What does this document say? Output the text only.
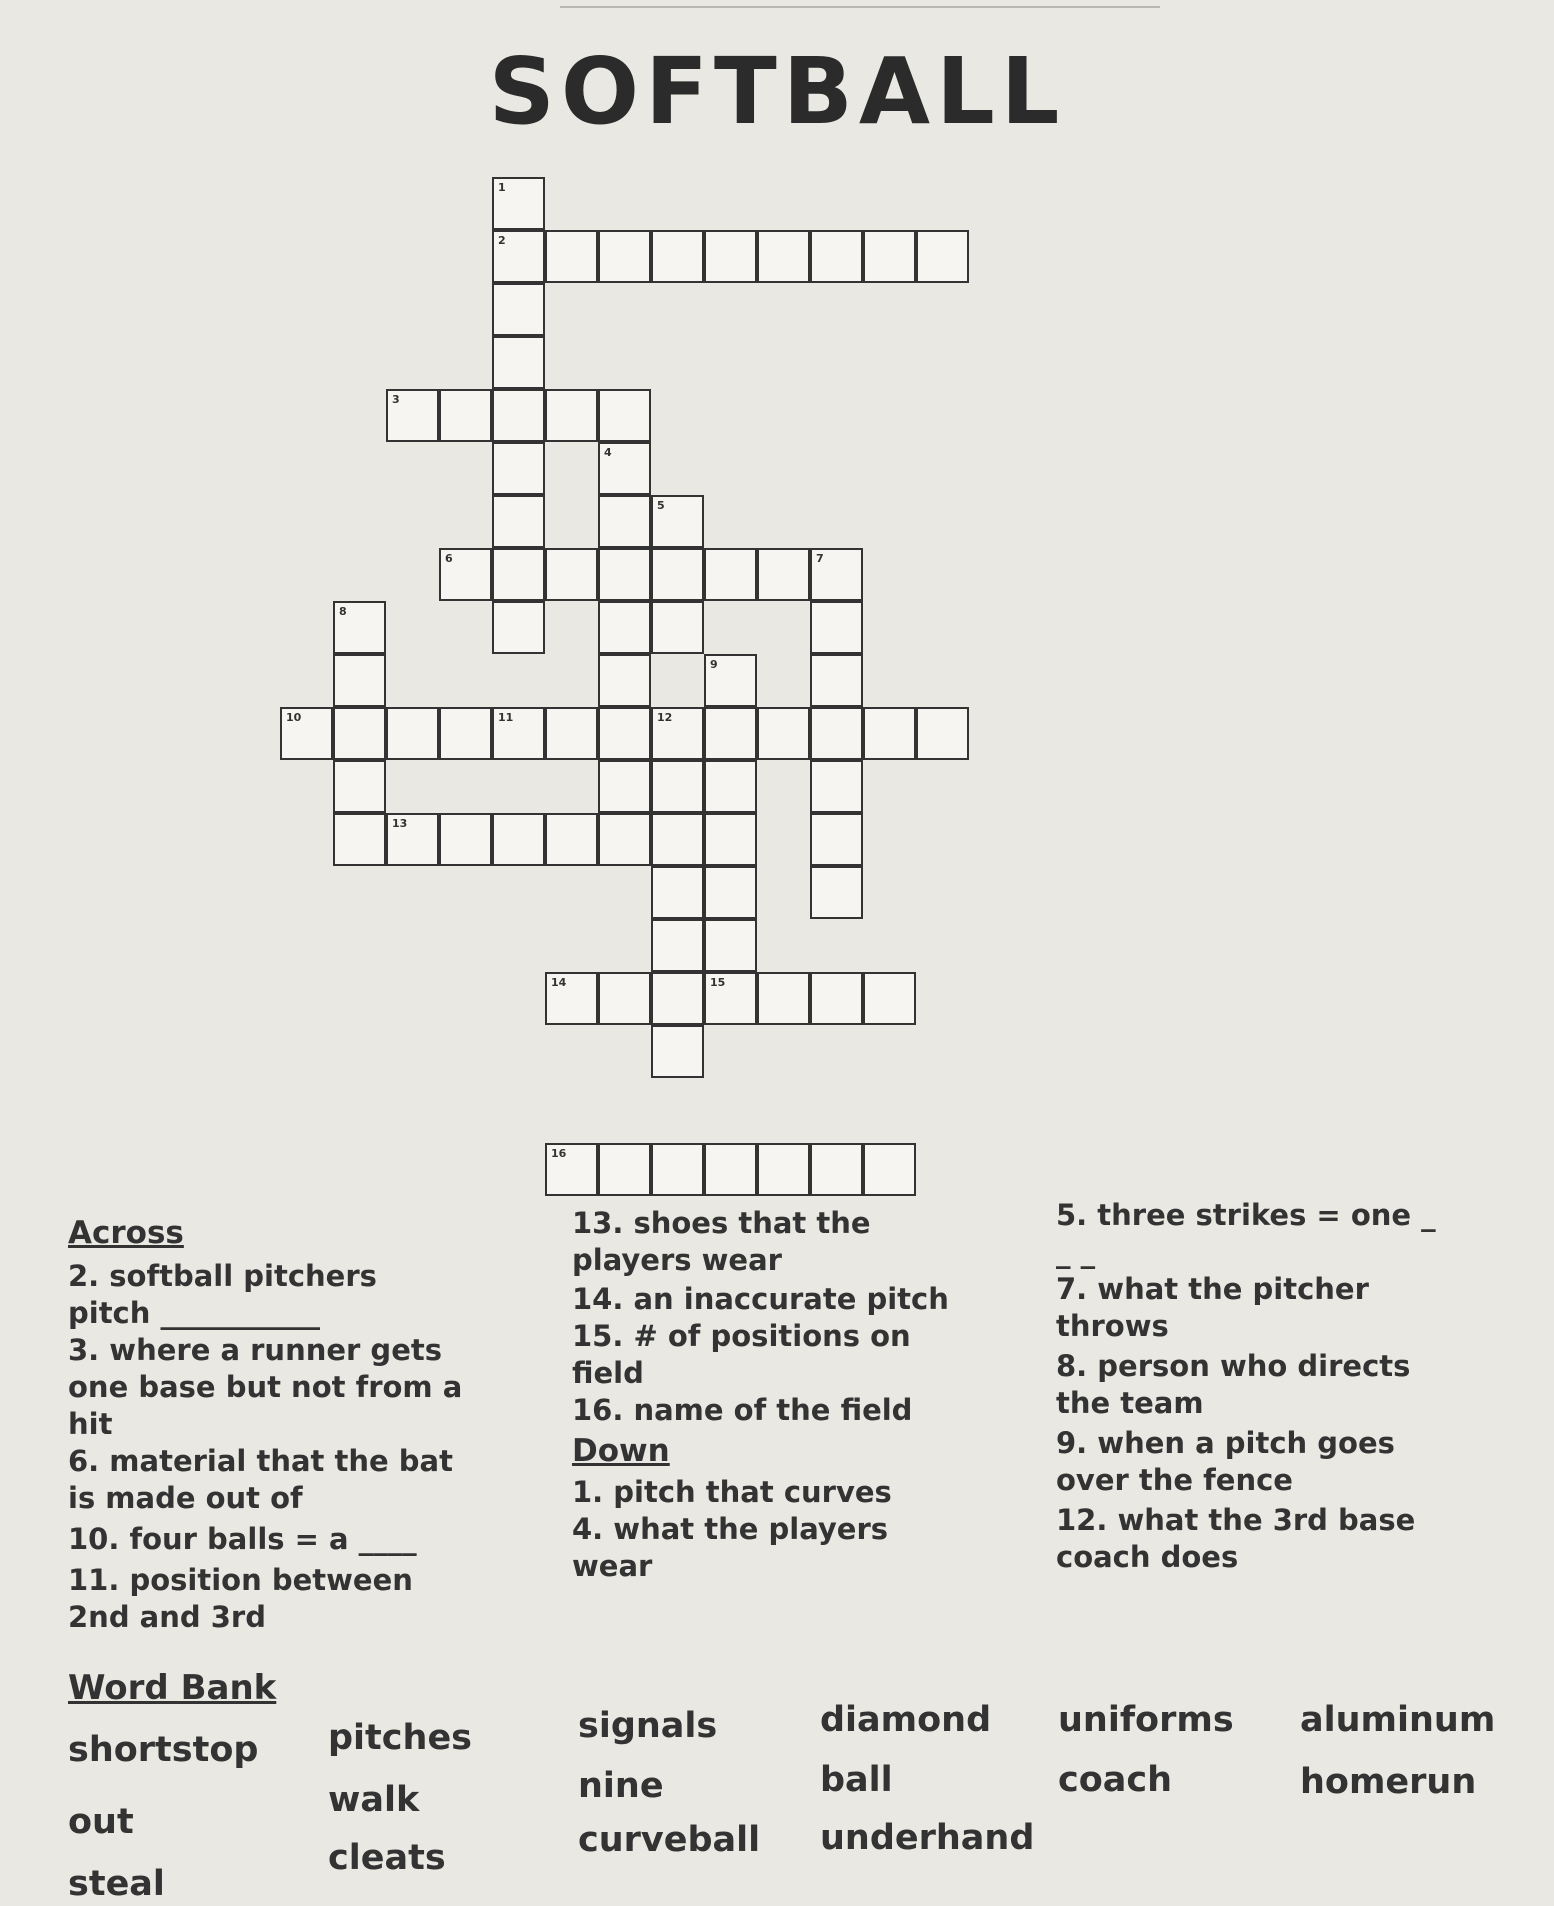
SOFTBALL
1
2
3
4
5
6	7
8
9
15
10	11	12
13
14
16
Across
2. softball pitchers
pitch ___________
3. where a runner gets
one base but not from a
hit
6. material that the bat
is made out of
10. four balls = a ____
11. position between
2nd and 3rd
13. shoes that the
players wear
14. an inaccurate pitch
15. # of positions on
field
16. name of the field
Down
1. pitch that curves
4. what the players
wear
5. three strikes = one _
_ _
7. what the pitcher
throws
8. person who directs
the team
9. when a pitch goes
over the fence
12. what the 3rd base
coach does
Word Bank
shortstop pitches	signals	diamond uniforms aluminum
out
walk	nine	ball	coach	homerun
steal
cleats	curveball underhand
